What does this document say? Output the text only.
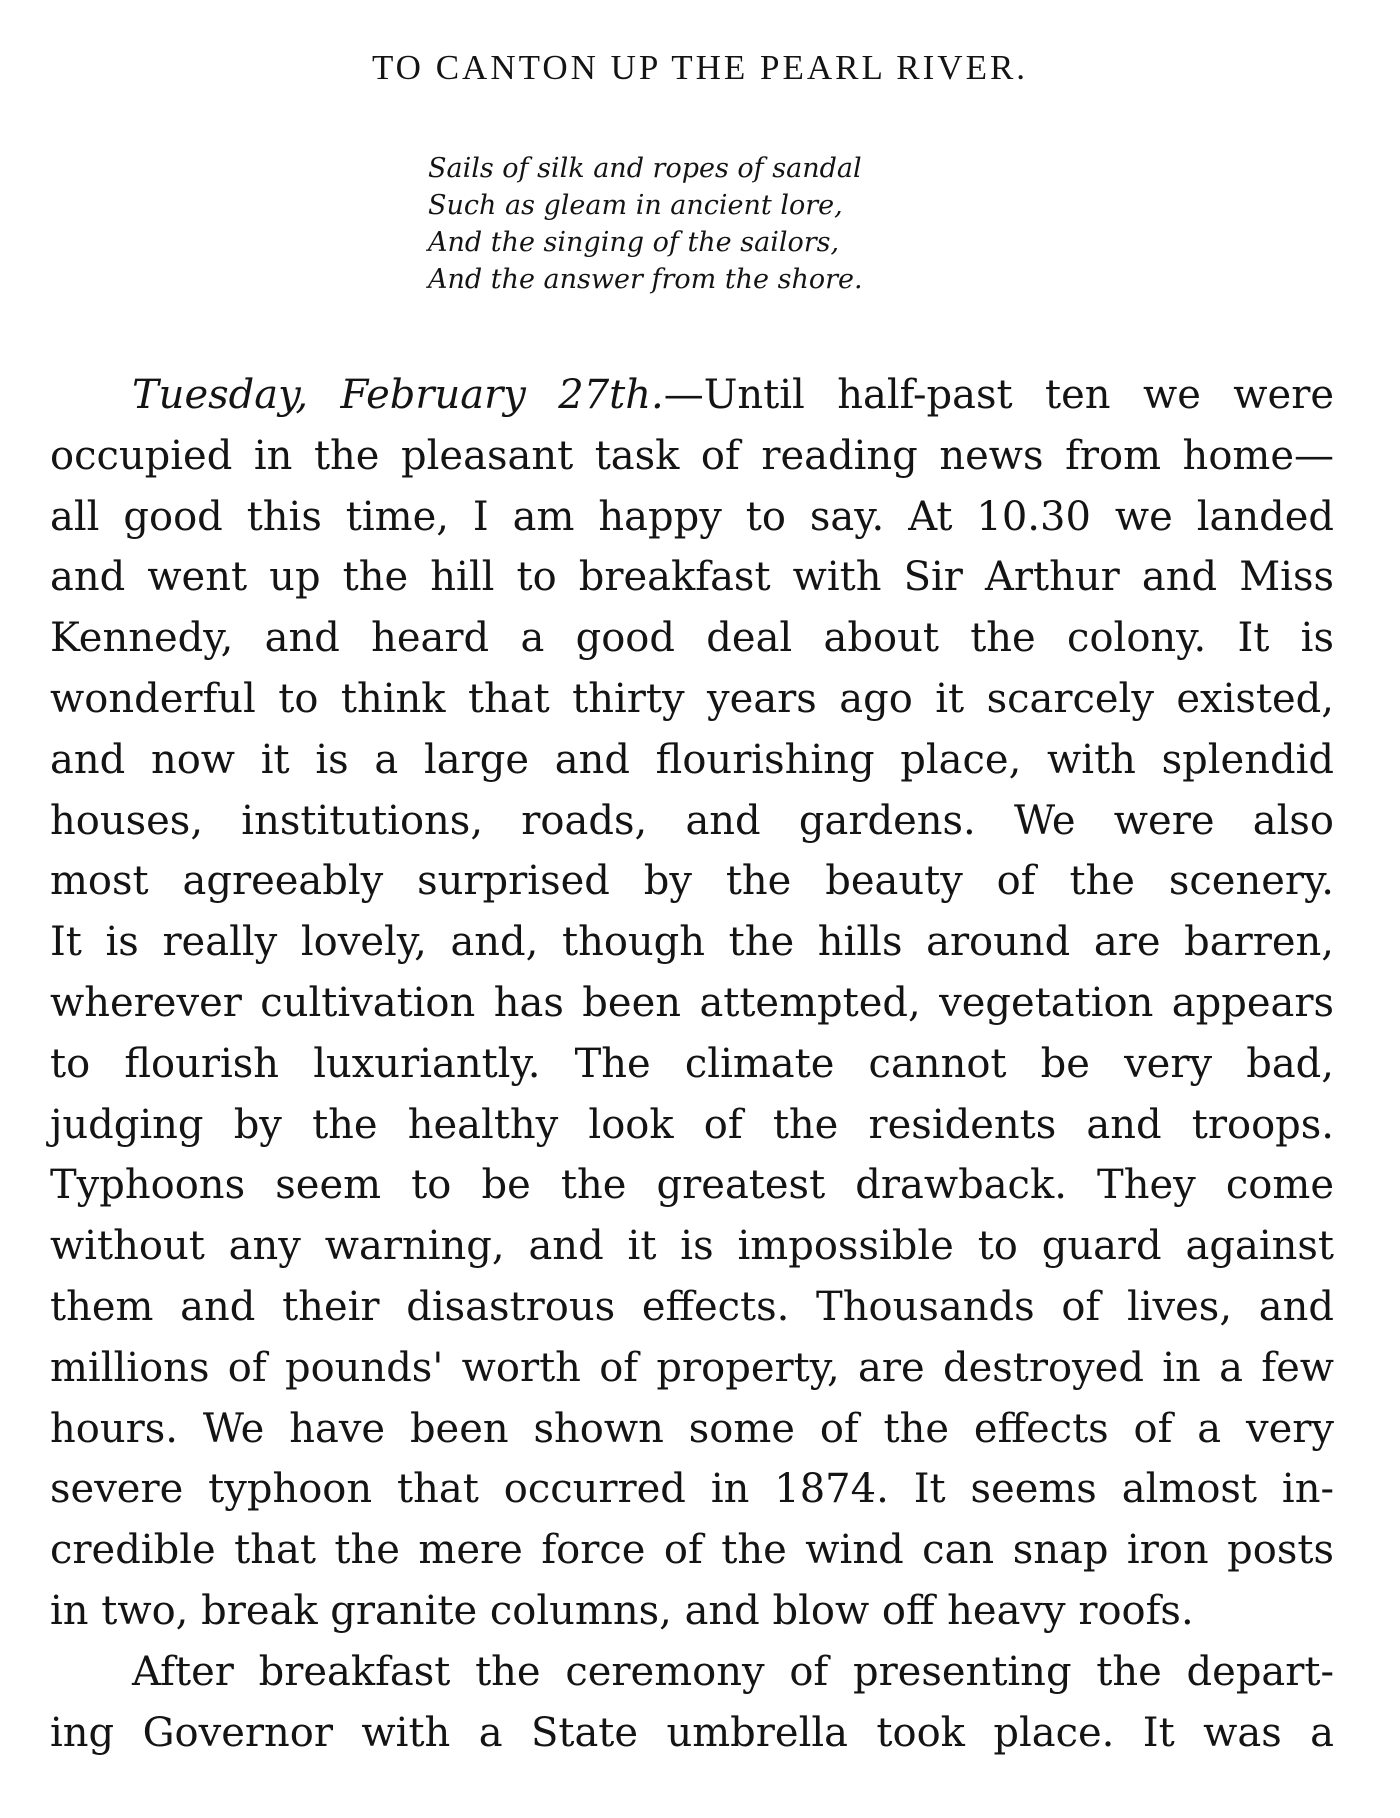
TO CANTON UP THE PEARL RIVER.
Sails of silk and ropes of sandal
Such as gleam in ancient lore,
And the singing of the sailors,
And the answer from the shore.
Tuesday, February 27th.—Until half-past ten we were
occupied in the pleasant task of reading news from home—
all good this time, I am happy to say. At 10.30 we landed
and went up the hill to breakfast with Sir Arthur and Miss
Kennedy, and heard a good deal about the colony. It is
wonderful to think that thirty years ago it scarcely existed,
and now it is a large and flourishing place, with splendid
houses, institutions, roads, and gardens. We were also
most agreeably surprised by the beauty of the scenery.
It is really lovely, and, though the hills around are barren,
wherever cultivation has been attempted, vegetation appears
to flourish luxuriantly. The climate cannot be very bad,
judging by the healthy look of the residents and troops.
Typhoons seem to be the greatest drawback. They come
without any warning, and it is impossible to guard against
them and their disastrous effects. Thousands of lives, and
millions of pounds' worth of property, are destroyed in a few
hours. We have been shown some of the effects of a very
severe typhoon that occurred in 1874. It seems almost in-
credible that the mere force of the wind can snap iron posts
in two, break granite columns, and blow off heavy roofs.
After breakfast the ceremony of presenting the depart-
ing Governor with a State umbrella took place. It was a
